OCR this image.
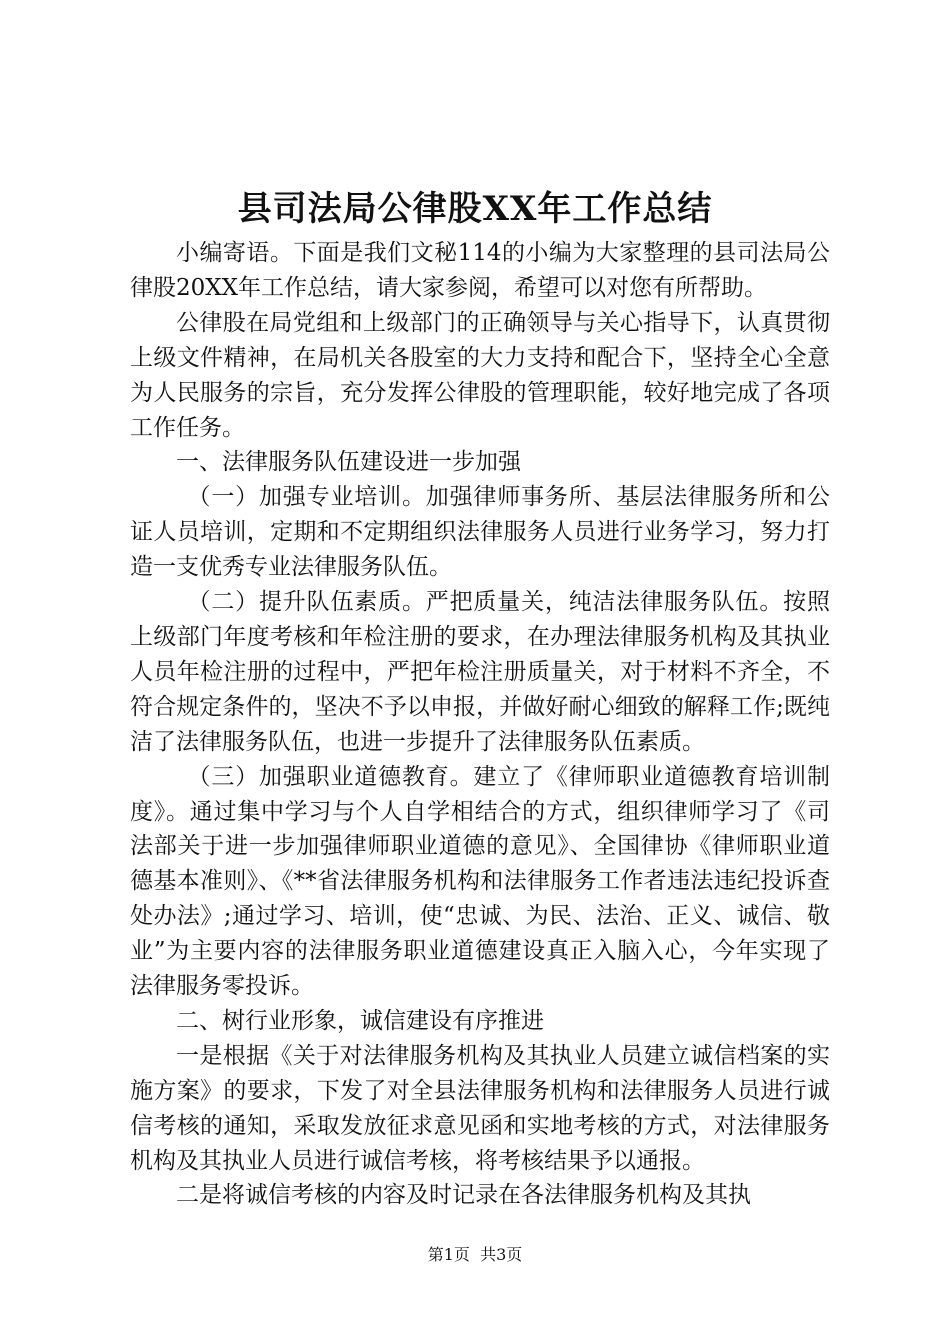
县司法局公律股XX年工作总结

小编寄语。下面是我们文秘114的小编为大家整理的县司法局公律股20XX年工作总结，请大家参阅，希望可以对您有所帮助。

公律股在局党组和上级部门的正确领导与关心指导下，认真贯彻上级文件精神，在局机关各股室的大力支持和配合下，坚持全心全意为人民服务的宗旨，充分发挥公律股的管理职能，较好地完成了各项工作任务。

一、法律服务队伍建设进一步加强

（一）加强专业培训。加强律师事务所、基层法律服务所和公证人员培训，定期和不定期组织法律服务人员进行业务学习，努力打造一支优秀专业法律服务队伍。

（二）提升队伍素质。严把质量关，纯洁法律服务队伍。按照上级部门年度考核和年检注册的要求，在办理法律服务机构及其执业人员年检注册的过程中，严把年检注册质量关，对于材料不齐全，不符合规定条件的，坚决不予以申报，并做好耐心细致的解释工作;既纯洁了法律服务队伍，也进一步提升了法律服务队伍素质。

（三）加强职业道德教育。建立了《律师职业道德教育培训制度》。通过集中学习与个人自学相结合的方式，组织律师学习了《司法部关于进一步加强律师职业道德的意见》、全国律协《律师职业道德基本准则》、《**省法律服务机构和法律服务工作者违法违纪投诉查处办法》;通过学习、培训，使“忠诚、为民、法治、正义、诚信、敬业”为主要内容的法律服务职业道德建设真正入脑入心，今年实现了法律服务零投诉。

二、树行业形象，诚信建设有序推进

一是根据《关于对法律服务机构及其执业人员建立诚信档案的实施方案》的要求，下发了对全县法律服务机构和法律服务人员进行诚信考核的通知，采取发放征求意见函和实地考核的方式，对法律服务机构及其执业人员进行诚信考核，将考核结果予以通报。

二是将诚信考核的内容及时记录在各法律服务机构及其执

第1页 共3页
